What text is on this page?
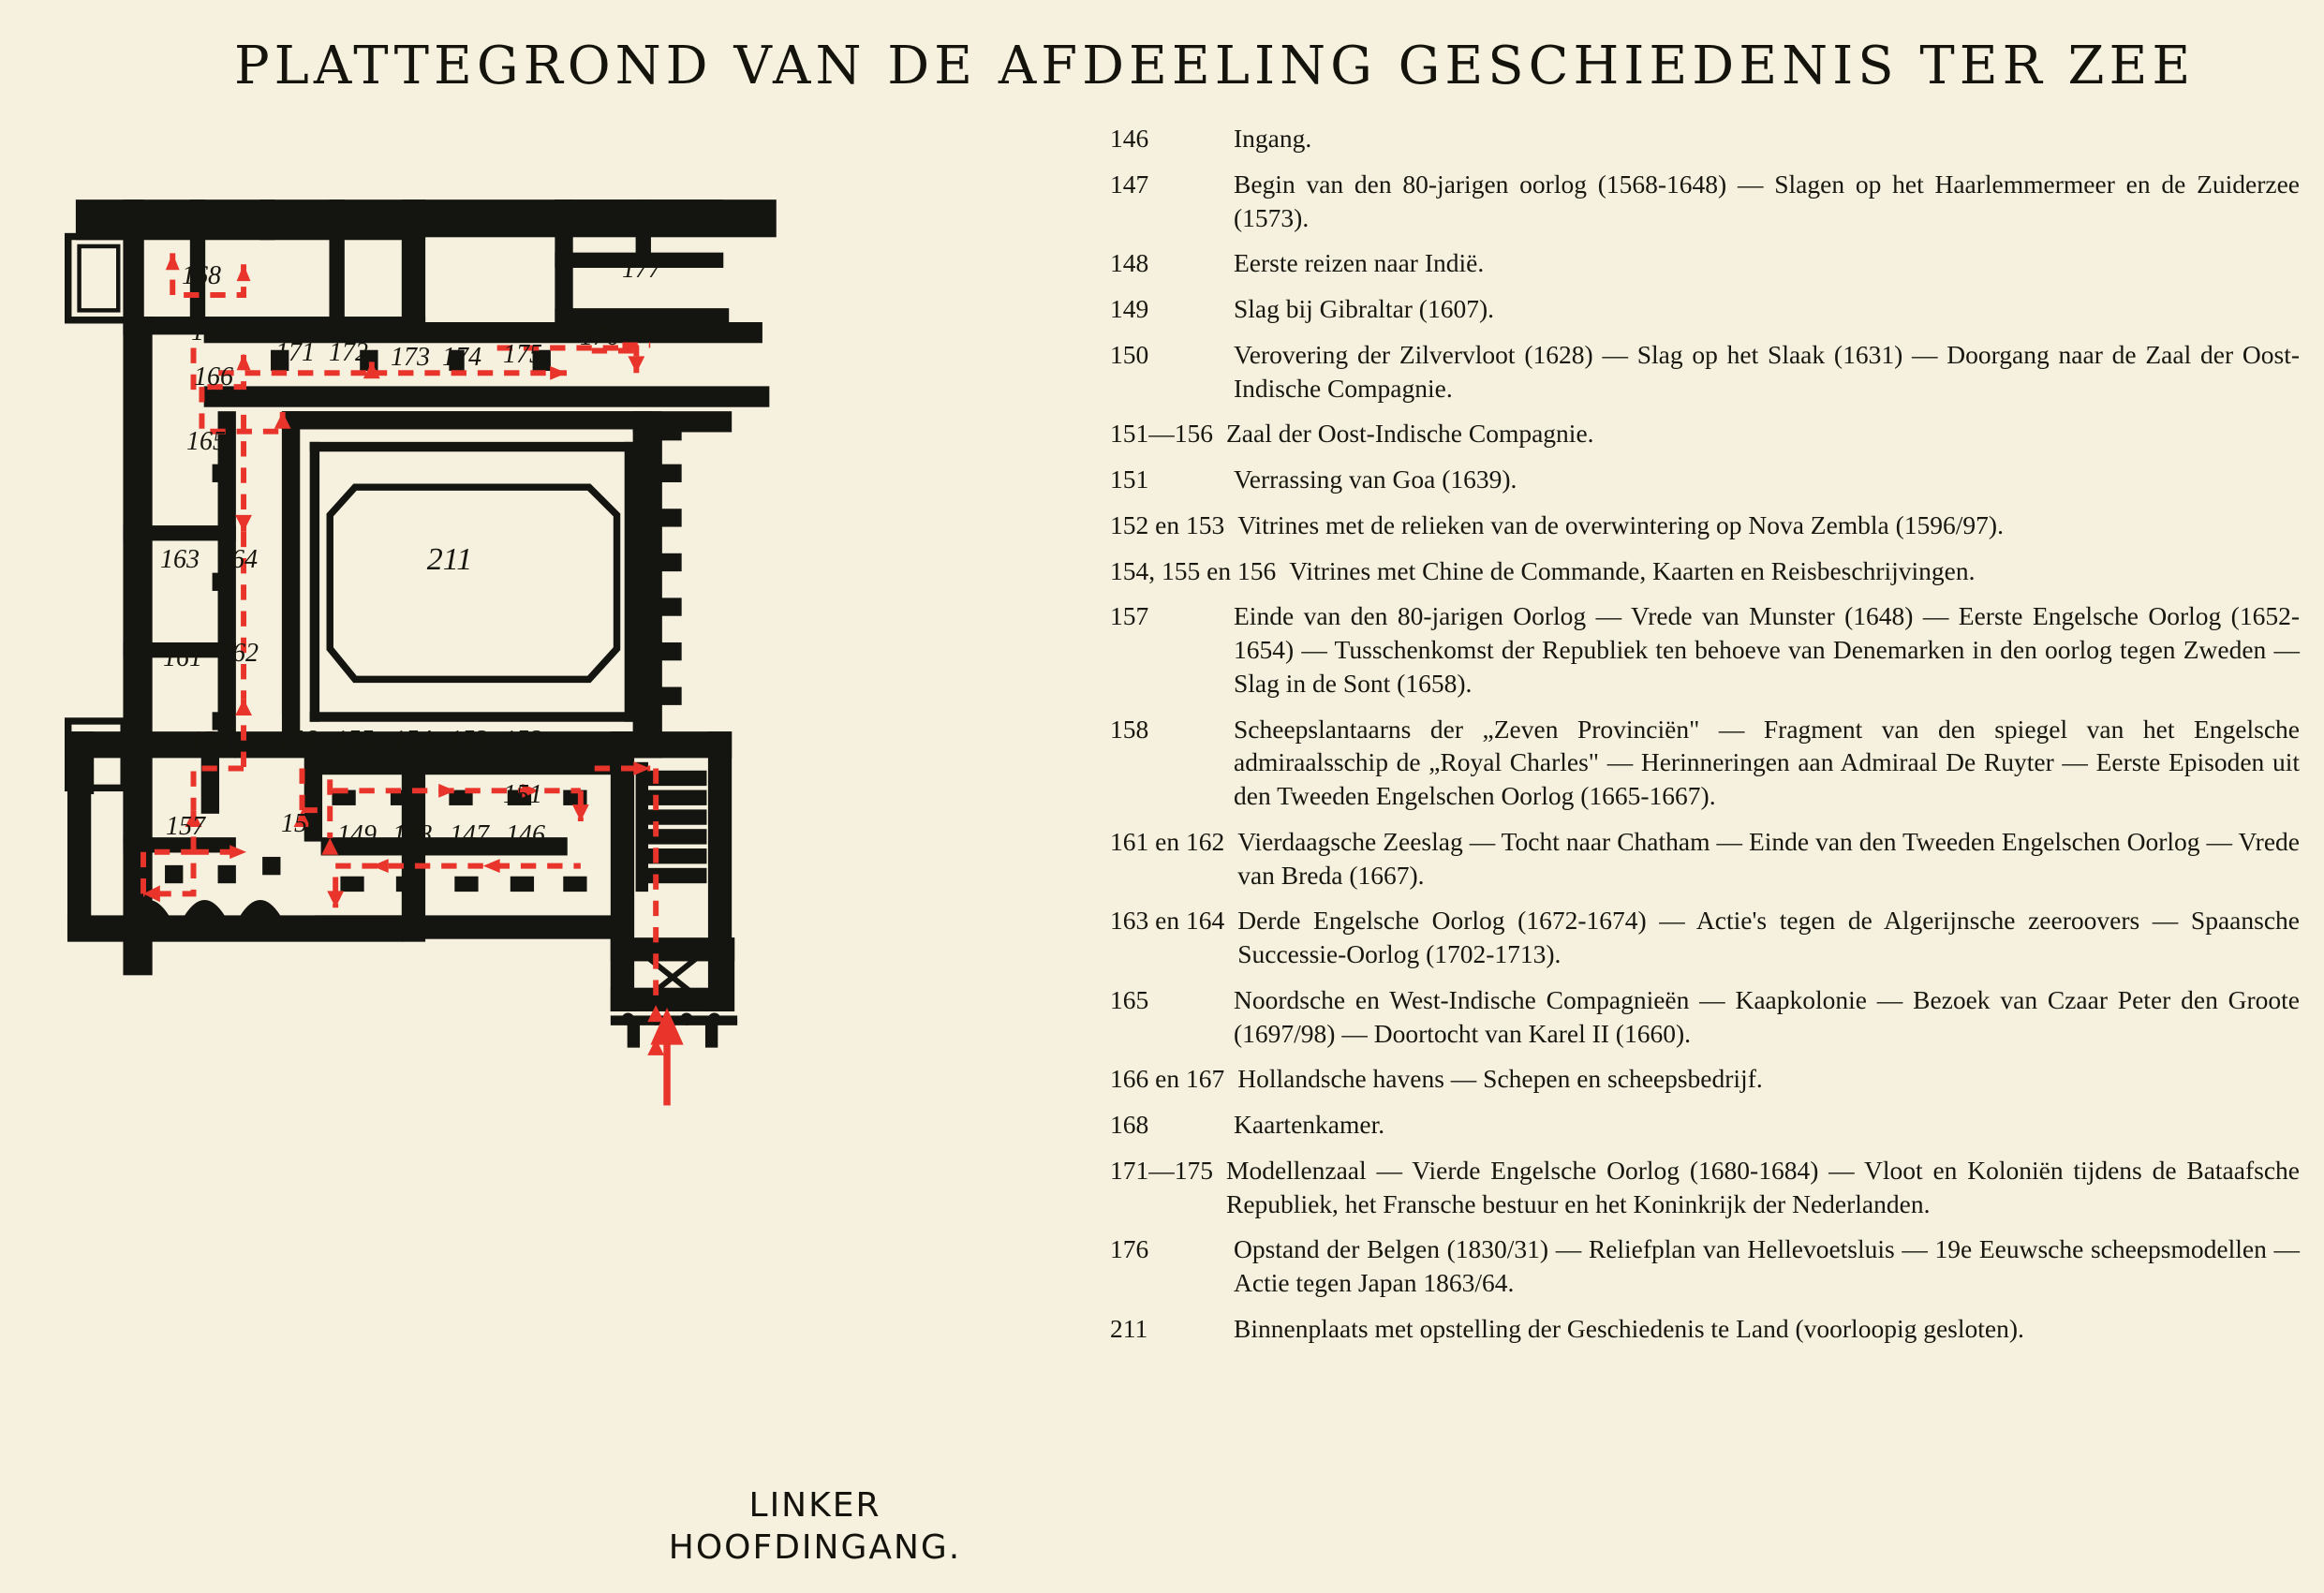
PLATTEGROND VAN DE AFDEELING GESCHIEDENIS TER ZEE
168	177
167
166
171 172 173 174 175
176
165
163 164
161 162
211
158 156 155 154 153 152
151
157	150 149 148 147 146
LINKER
HOOFDINGANG.
146	Ingang.
147	Begin van den 80-jarigen oorlog (1568-1648) — Slagen op het Haarlemmermeer en de Zuiderzee (1573).
148	Eerste reizen naar Indië.
149	Slag bij Gibraltar (1607).
150	Verovering der Zilvervloot (1628) — Slag op het Slaak (1631) — Doorgang naar de Zaal der Oost-Indische Compagnie.
151—156 Zaal der Oost-Indische Compagnie.
151	Verrassing van Goa (1639).
152 en 153 Vitrines met de relieken van de overwintering op Nova Zembla (1596/97).
154, 155 en 156 Vitrines met Chine de Commande, Kaarten en Reisbeschrijvingen.
157	Einde van den 80-jarigen Oorlog — Vrede van Munster (1648) — Eerste Engelsche Oorlog (1652-1654) — Tusschenkomst der Republiek ten behoeve van Denemarken in den oorlog tegen Zweden — Slag in de Sont (1658).
158	Scheepslantaarns der „Zeven Provinciën" — Fragment van den spiegel van het Engelsche admiraalsschip de „Royal Charles" — Herinneringen aan Admiraal De Ruyter — Eerste Episoden uit den Tweeden Engelschen Oorlog (1665-1667).
161 en 162 Vierdaagsche Zeeslag — Tocht naar Chatham — Einde van den Tweeden Engelschen Oorlog — Vrede van Breda (1667).
163 en 164 Derde Engelsche Oorlog (1672-1674) — Actie's tegen de Algerijnsche zeeroovers — Spaansche Successie-Oorlog (1702-1713).
165	Noordsche en West-Indische Compagnieën — Kaapkolonie — Bezoek van Czaar Peter den Groote (1697/98) — Doortocht van Karel II (1660).
166 en 167 Hollandsche havens — Schepen en scheepsbedrijf.
168	Kaartenkamer.
171—175 Modellenzaal — Vierde Engelsche Oorlog (1680-1684) — Vloot en Koloniën tijdens de Bataafsche Republiek, het Fransche bestuur en het Koninkrijk der Nederlanden.
176	Opstand der Belgen (1830/31) — Reliefplan van Hellevoetsluis — 19e Eeuwsche scheepsmodellen — Actie tegen Japan 1863/64.
211	Binnenplaats met opstelling der Geschiedenis te Land (voorloopig gesloten).
